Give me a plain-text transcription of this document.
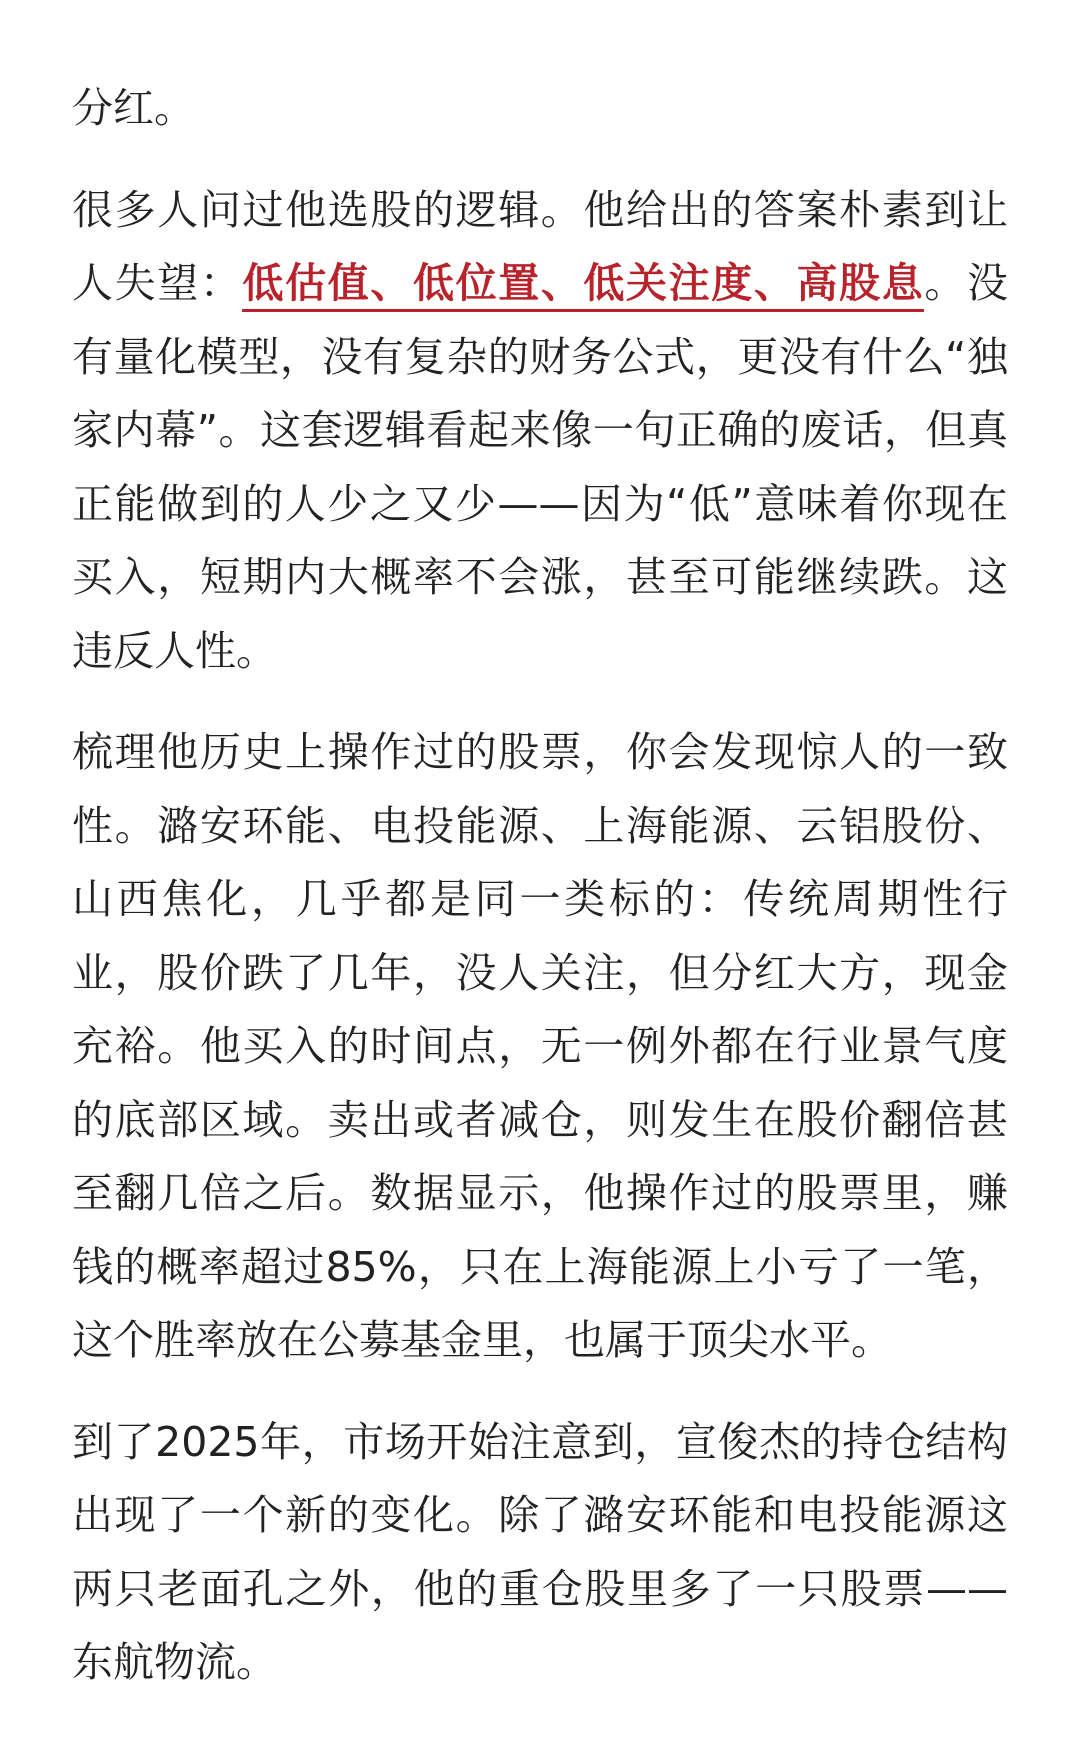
分红。

很多人问过他选股的逻辑。他给出的答案朴素到让人失望：低估值、低位置、低关注度、高股息。没有量化模型，没有复杂的财务公式，更没有什么“独家内幕”。这套逻辑看起来像一句正确的废话，但真正能做到的人少之又少——因为“低”意味着你现在买入，短期内大概率不会涨，甚至可能继续跌。这违反人性。

梳理他历史上操作过的股票，你会发现惊人的一致性。潞安环能、电投能源、上海能源、云铝股份、山西焦化，几乎都是同一类标的：传统周期性行业，股价跌了几年，没人关注，但分红大方，现金充裕。他买入的时间点，无一例外都在行业景气度的底部区域。卖出或者减仓，则发生在股价翻倍甚至翻几倍之后。数据显示，他操作过的股票里，赚钱的概率超过85%，只在上海能源上小亏了一笔，这个胜率放在公募基金里，也属于顶尖水平。

到了2025年，市场开始注意到，宣俊杰的持仓结构出现了一个新的变化。除了潞安环能和电投能源这两只老面孔之外，他的重仓股里多了一只股票——东航物流。
